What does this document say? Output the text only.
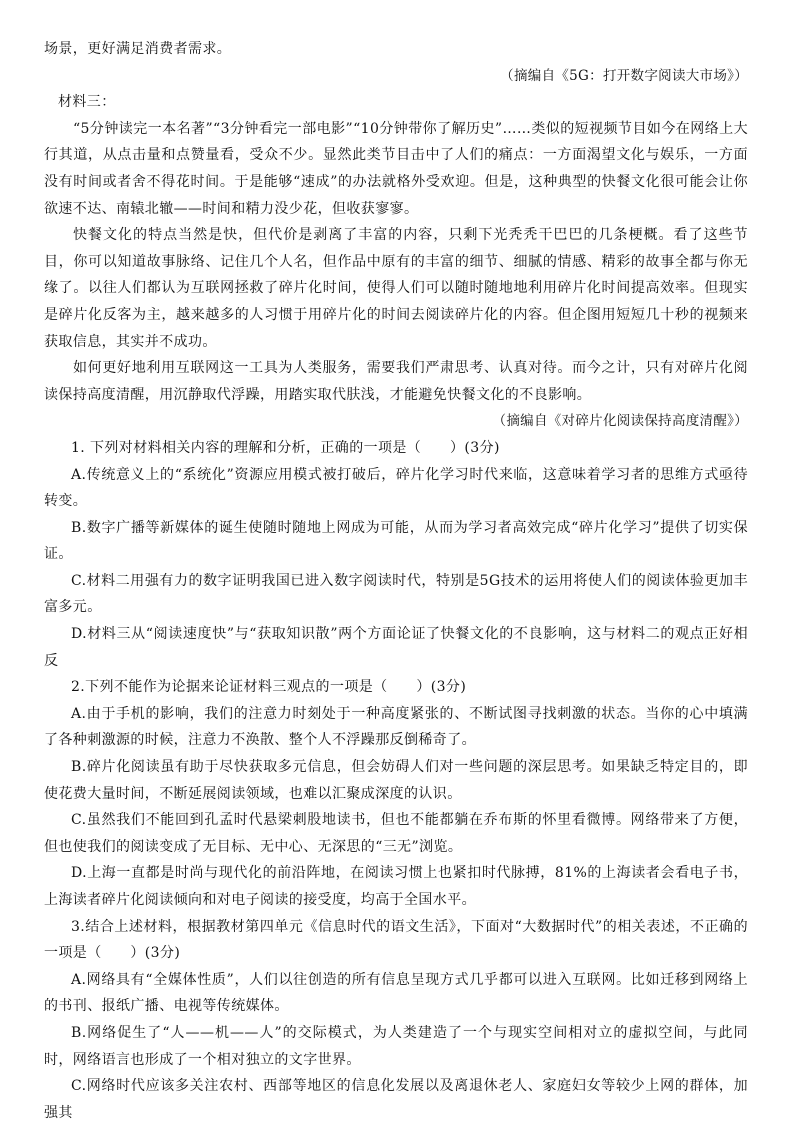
场景，更好满足消费者需求。

（摘编自《5G：打开数字阅读大市场》）

材料三：

“5分钟读完一本名著”“3分钟看完一部电影”“10分钟带你了解历史”……类似的短视频节目如今在网络上大行其道，从点击量和点赞量看，受众不少。显然此类节目击中了人们的痛点：一方面渴望文化与娱乐，一方面没有时间或者舍不得花时间。于是能够“速成”的办法就格外受欢迎。但是，这种典型的快餐文化很可能会让你欲速不达、南辕北辙——时间和精力没少花，但收获寥寥。

快餐文化的特点当然是快，但代价是剥离了丰富的内容，只剩下光秃秃干巴巴的几条梗概。看了这些节目，你可以知道故事脉络、记住几个人名，但作品中原有的丰富的细节、细腻的情感、精彩的故事全都与你无缘了。以往人们都认为互联网拯救了碎片化时间，使得人们可以随时随地地利用碎片化时间提高效率。但现实是碎片化反客为主，越来越多的人习惯于用碎片化的时间去阅读碎片化的内容。但企图用短短几十秒的视频来获取信息，其实并不成功。

如何更好地利用互联网这一工具为人类服务，需要我们严肃思考、认真对待。而今之计，只有对碎片化阅读保持高度清醒，用沉静取代浮躁，用踏实取代肤浅，才能避免快餐文化的不良影响。

（摘编自《对碎片化阅读保持高度清醒》）

1. 下列对材料相关内容的理解和分析，正确的一项是（　　）(3分)

A.传统意义上的“系统化”资源应用模式被打破后，碎片化学习时代来临，这意味着学习者的思维方式亟待转变。

B.数字广播等新媒体的诞生使随时随地上网成为可能，从而为学习者高效完成“碎片化学习”提供了切实保证。

C.材料二用强有力的数字证明我国已进入数字阅读时代，特别是5G技术的运用将使人们的阅读体验更加丰富多元。

D.材料三从“阅读速度快”与“获取知识散”两个方面论证了快餐文化的不良影响，这与材料二的观点正好相反

2.下列不能作为论据来论证材料三观点的一项是（　　）(3分)

A.由于手机的影响，我们的注意力时刻处于一种高度紧张的、不断试图寻找刺激的状态。当你的心中填满了各种刺激源的时候，注意力不涣散、整个人不浮躁那反倒稀奇了。

B.碎片化阅读虽有助于尽快获取多元信息，但会妨碍人们对一些问题的深层思考。如果缺乏特定目的，即使花费大量时间，不断延展阅读领域，也难以汇聚成深度的认识。

C.虽然我们不能回到孔孟时代悬梁刺股地读书，但也不能都躺在乔布斯的怀里看微博。网络带来了方便，但也使我们的阅读变成了无目标、无中心、无深思的“三无”浏览。

D.上海一直都是时尚与现代化的前沿阵地，在阅读习惯上也紧扣时代脉搏，81%的上海读者会看电子书，上海读者碎片化阅读倾向和对电子阅读的接受度，均高于全国水平。

3.结合上述材料，根据教材第四单元《信息时代的语文生活》，下面对“大数据时代”的相关表述，不正确的一项是（　　）(3分)

A.网络具有“全媒体性质”，人们以往创造的所有信息呈现方式几乎都可以进入互联网。比如迁移到网络上的书刊、报纸广播、电视等传统媒体。

B.网络促生了“人——机——人”的交际模式，为人类建造了一个与现实空间相对立的虚拟空间，与此同时，网络语言也形成了一个相对独立的文字世界。

C.网络时代应该多关注农村、西部等地区的信息化发展以及离退休老人、家庭妇女等较少上网的群体，加强其
